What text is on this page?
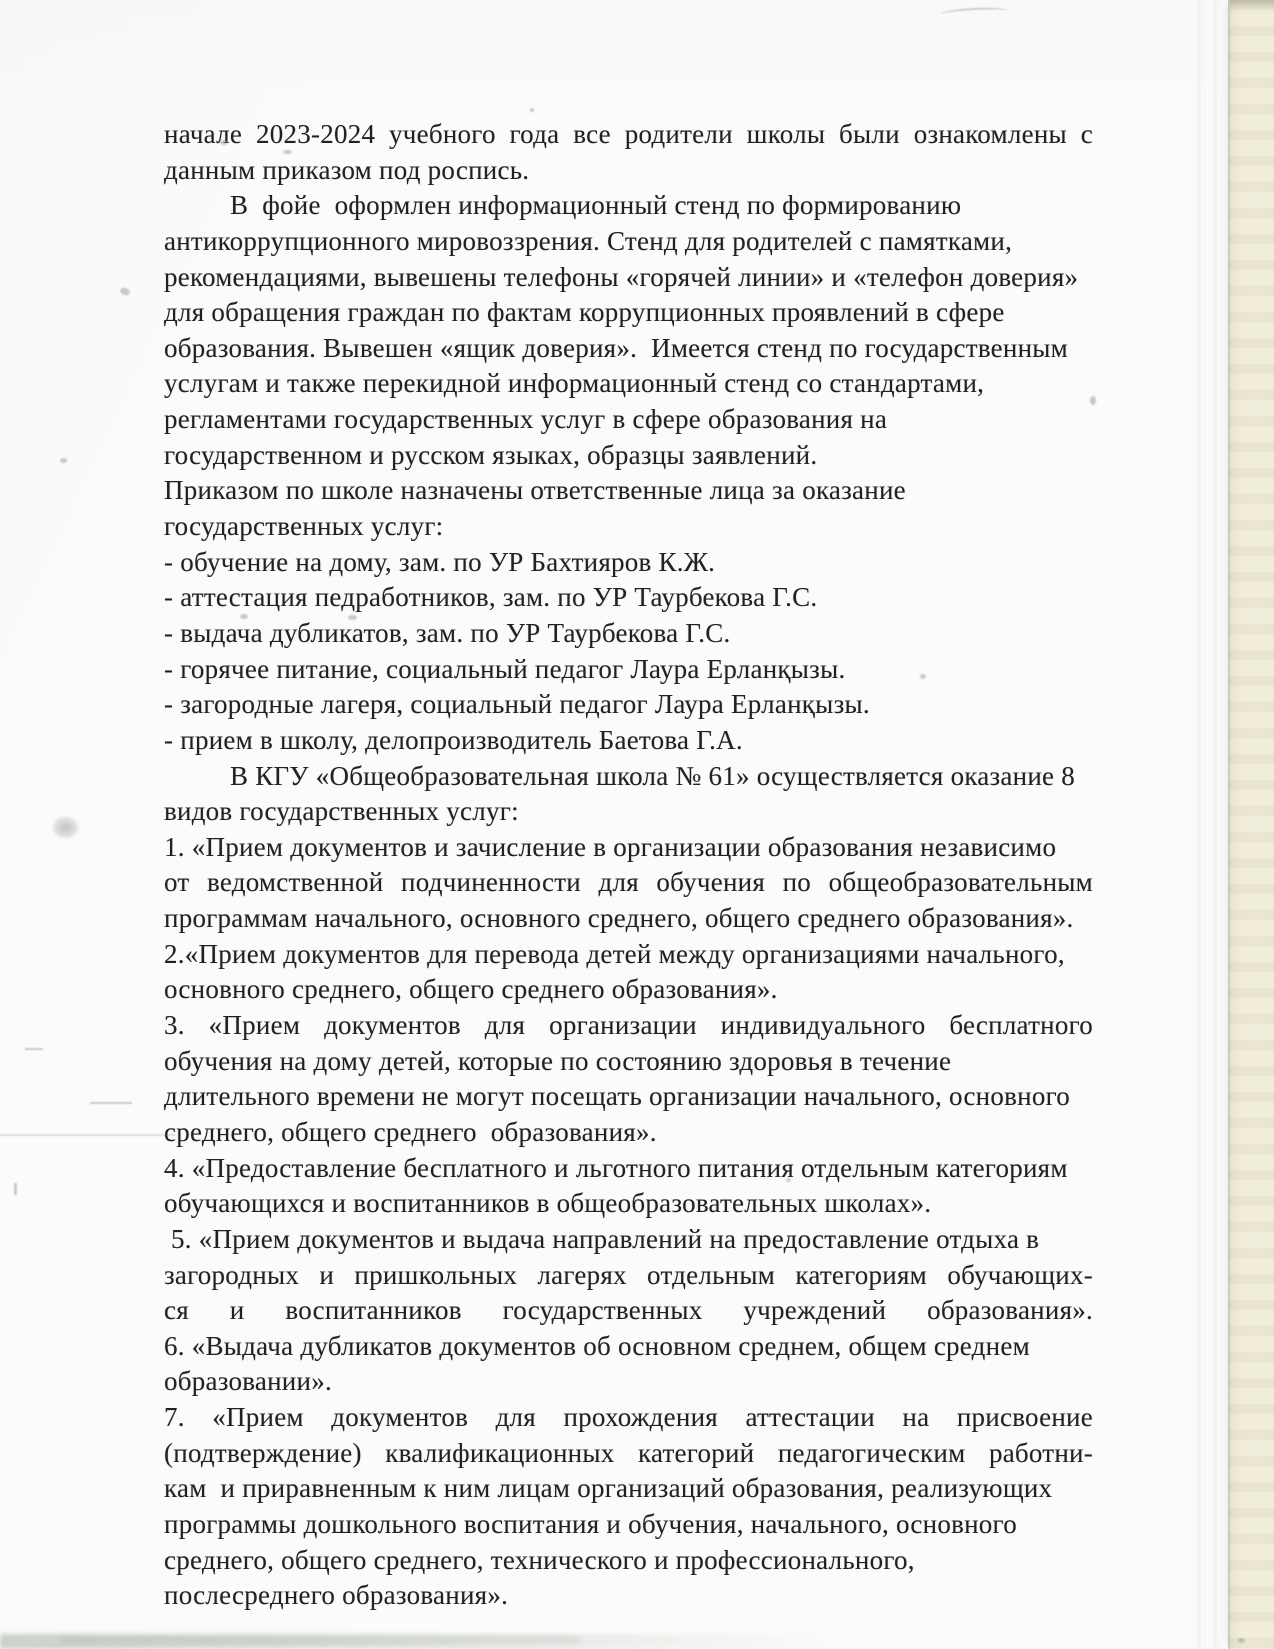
начале 2023-2024 учебного года все родители школы были ознакомлены с
данным приказом под роспись.
В  фойе  оформлен информационный стенд по формированию
антикоррупционного мировоззрения. Стенд для родителей с памятками,
рекомендациями, вывешены телефоны «горячей линии» и «телефон доверия»
для обращения граждан по фактам коррупционных проявлений в сфере
образования. Вывешен «ящик доверия».  Имеется стенд по государственным
услугам и также перекидной информационный стенд со стандартами,
регламентами государственных услуг в сфере образования на
государственном и русском языках, образцы заявлений.
Приказом по школе назначены ответственные лица за оказание
государственных услуг:
- обучение на дому, зам. по УР Бахтияров К.Ж.
- аттестация педработников, зам. по УР Таурбекова Г.С.
- выдача дубликатов, зам. по УР Таурбекова Г.С.
- горячее питание, социальный педагог Лаура Ерланқызы.
- загородные лагеря, социальный педагог Лаура Ерланқызы.
- прием в школу, делопроизводитель Баетова Г.А.
В КГУ «Общеобразовательная школа № 61» осуществляется оказание 8
видов государственных услуг:
1. «Прием документов и зачисление в организации образования независимо
от ведомственной подчиненности для обучения по общеобразовательным
программам начального, основного среднего, общего среднего образования».
2.«Прием документов для перевода детей между организациями начального,
основного среднего, общего среднего образования».
3. «Прием документов для организации индивидуального бесплатного
обучения на дому детей, которые по состоянию здоровья в течение
длительного времени не могут посещать организации начального, основного
среднего, общего среднего  образования».
4. «Предоставление бесплатного и льготного питания отдельным категориям
обучающихся и воспитанников в общеобразовательных школах».
5. «Прием документов и выдача направлений на предоставление отдыха в
загородных и пришкольных лагерях отдельным категориям обучающих-
ся и воспитанников государственных учреждений образования».
6. «Выдача дубликатов документов об основном среднем, общем среднем
образовании».
7. «Прием документов для прохождения аттестации на присвоение
(подтверждение) квалификационных категорий педагогическим работни-
кам  и приравненным к ним лицам организаций образования, реализующих
программы дошкольного воспитания и обучения, начального, основного
среднего, общего среднего, технического и профессионального,
послесреднего образования».
